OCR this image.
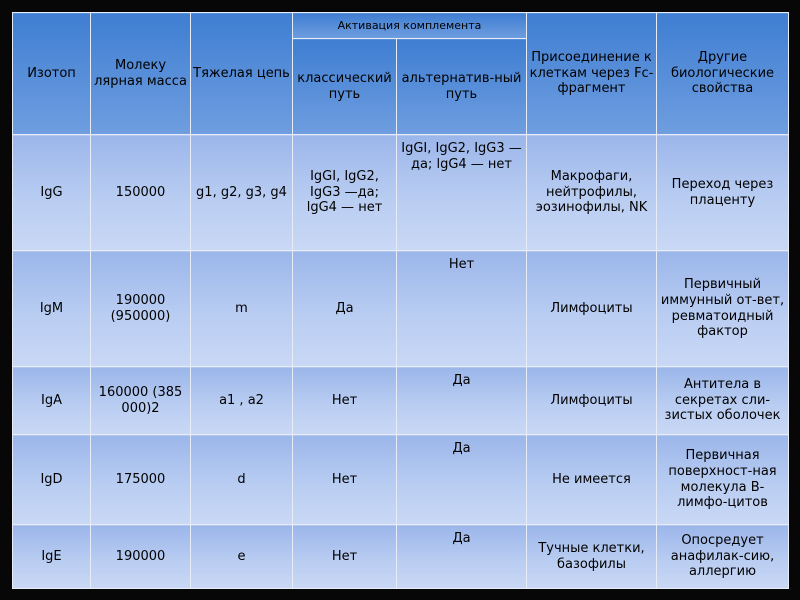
Изотоп	Молеку лярная масса	Тяжелая цепь	Активация комплемента		Присоединение к клеткам через Fc-фрагмент	Другие биологические свойства
			классический путь	альтернатив-ный путь		
IgG	150000	g1, g2, g3, g4	IgGI, IgG2, IgG3 —да; lgG4 — нет	IgGI, IgG2, IgG3 — да; lgG4 — нет	Макрофаги, нейтрофилы, эозинофилы, NK	Переход через плаценту
IgM	190000 (950000)	m	Да	Нет	Лимфоциты	Первичный иммунный от-вет, ревматоидный фактор
IgA	160000 (385 000)2	a1 , a2	Нет	Да	Лимфоциты	Антитела в секретах сли-зистых оболочек
IgD	175000	d	Нет	Да	Не имеется	Первичная поверхност-ная молекула В-лимфо-цитов
IgE	190000	e	Нет	Да	Тучные клетки, базофилы	Опосредует анафилак-сию, аллергию
